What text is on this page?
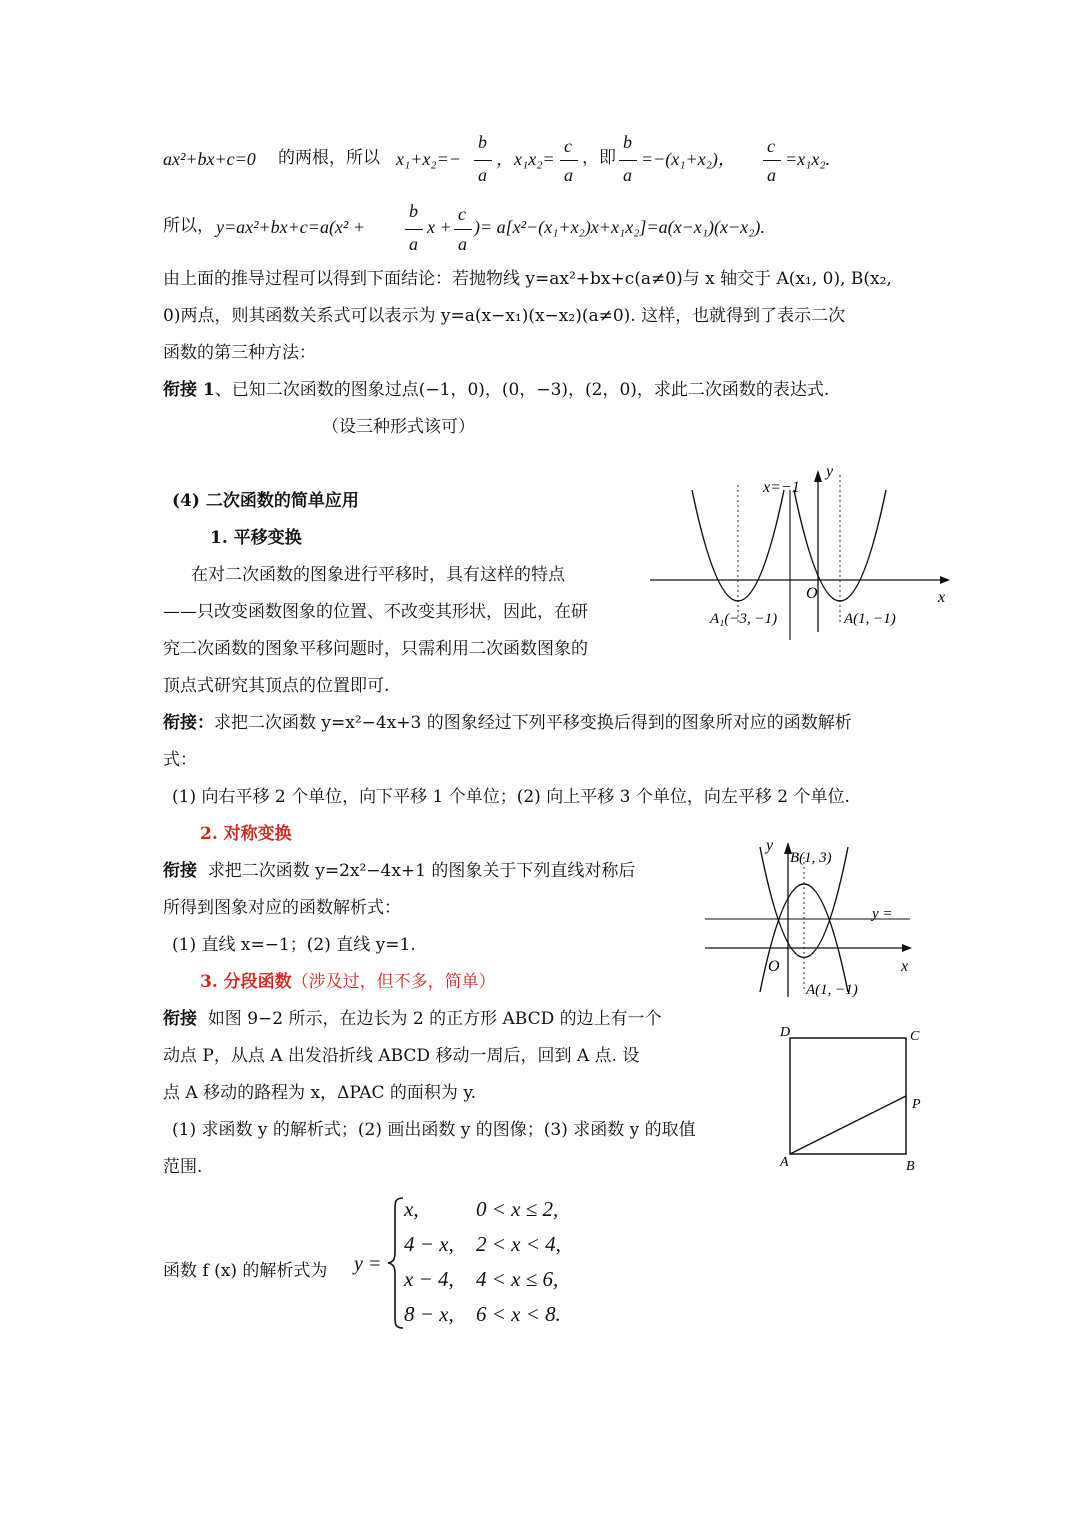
ax²+bx+c=0 的两根，所以 x₁+x₂=−
b
a
，x₁x₂=
c
a
，即
b
a
=−(x₁+x₂)，
c
a
=x₁x₂.
所以， y=ax²+bx+c=a(x² +
b
a
x +
c
a
)= a[x²−(x₁+x₂)x+x₁x₂]=a(x−x₁)(x−x₂).
由上面的推导过程可以得到下面结论：若抛物线 y=ax²+bx+c(a≠0)与 x 轴交于 A(x₁, 0), B(x₂,
0)两点，则其函数关系式可以表示为 y=a(x−x₁)(x−x₂)(a≠0). 这样，也就得到了表示二次
函数的第三种方法：
衔接 1、已知二次函数的图象过点(−1，0)，(0，−3)，(2，0)，求此二次函数的表达式.
（设三种形式该可）
(4) 二次函数的简单应用
1. 平移变换
在对二次函数的图象进行平移时，具有这样的特点
——只改变函数图象的位置、不改变其形状，因此，在研
究二次函数的图象平移问题时，只需利用二次函数图象的
顶点式研究其顶点的位置即可.
衔接：求把二次函数 y=x²−4x+3 的图象经过下列平移变换后得到的图象所对应的函数解析
式：
(1) 向右平移 2 个单位，向下平移 1 个单位；(2) 向上平移 3 个单位，向左平移 2 个单位.
x=−1
y
x
O
A₁(−3, −1)	A(1, −1)
2. 对称变换
衔接 求把二次函数 y=2x²−4x+1 的图象关于下列直线对称后
所得到图象对应的函数解析式：
(1) 直线 x=−1；(2) 直线 y=1.
y
B(1, 3)
y =
x
O
A(1, −1)
3. 分段函数（涉及过，但不多，简单）
衔接 如图 9−2 所示，在边长为 2 的正方形 ABCD 的边上有一个
动点 P，从点 A 出发沿折线 ABCD 移动一周后，回到 A 点. 设
点 A 移动的路程为 x，ΔPAC 的面积为 y.
(1) 求函数 y 的解析式；(2) 画出函数 y 的图像；(3) 求函数 y 的取值
范围.
D	C
P
A	B
函数 f (x) 的解析式为 y =
x,	0 < x ≤ 2,
4 − x, 2 < x < 4,
x − 4, 4 < x ≤ 6,
8 − x, 6 < x < 8.
